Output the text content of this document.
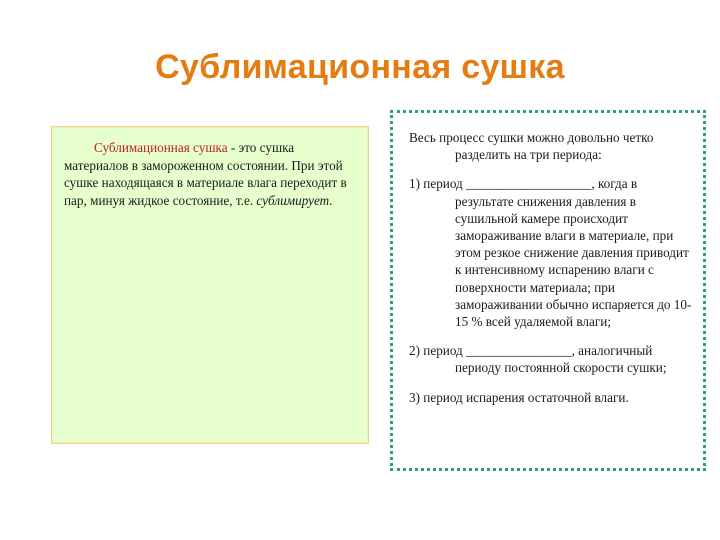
Сублимационная сушка

Сублимационная сушка - это сушка материалов в замороженном состоянии. При этой сушке находящаяся в материале влага переходит в пар, минуя жидкое состояние, т.е. сублимирует.

Весь процесс сушки можно довольно четко разделить на три периода:

1) период ___________________, когда в результате снижения давления в сушильной камере происходит замораживание влаги в материале, при этом резкое снижение давления приводит к интенсивному испарению влаги с поверхности материала; при замораживании обычно испаряется до 10-15 % всей удаляемой влаги;

2) период ________________, аналогичный периоду постоянной скорости сушки;

3) период испарения остаточной влаги.
